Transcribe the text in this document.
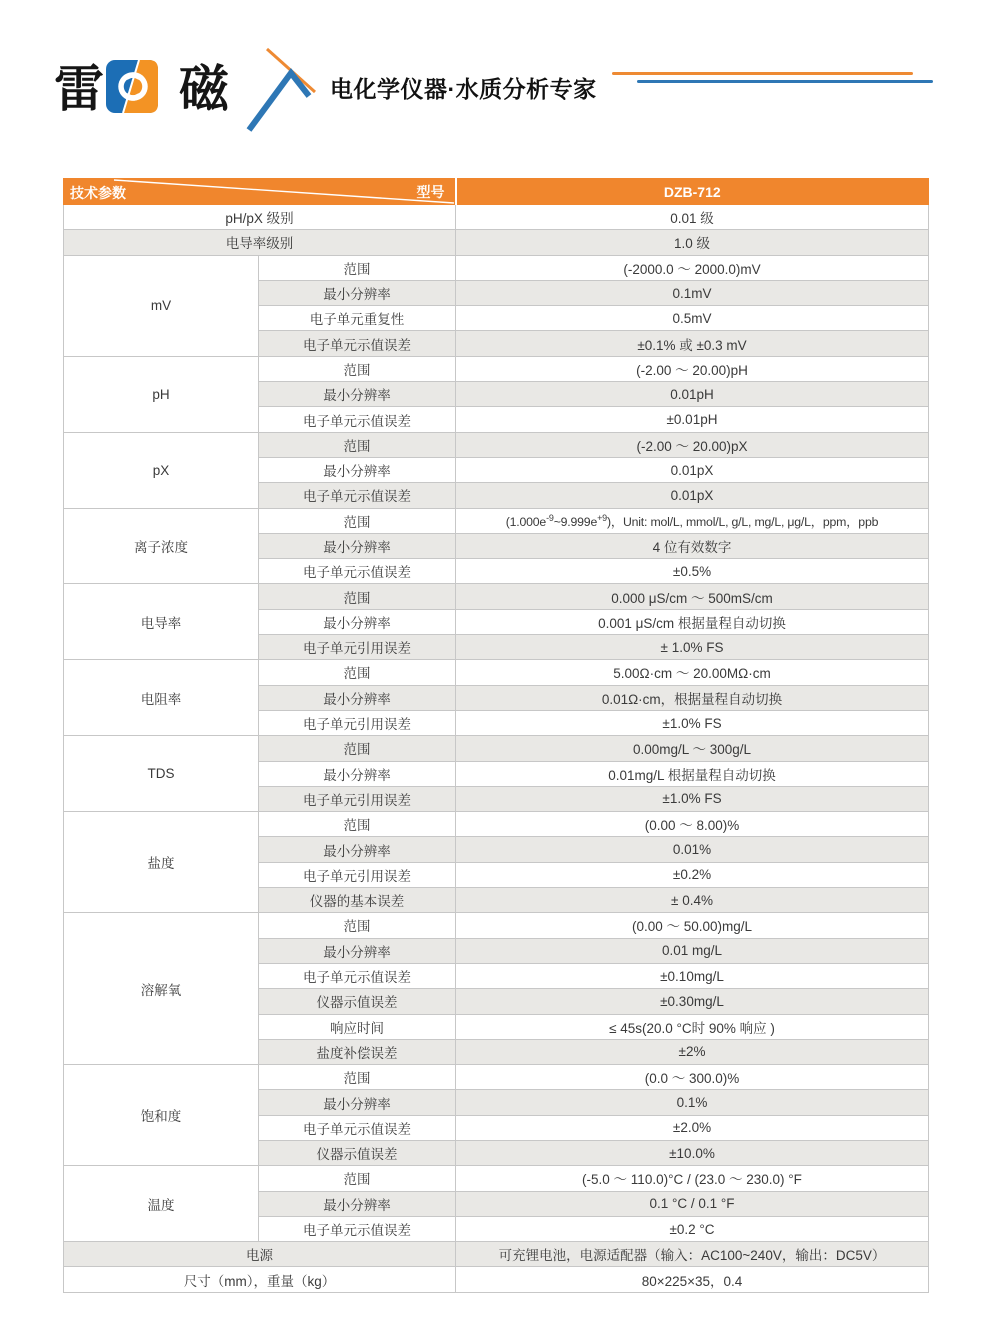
雷 磁	电化学仪器·水质分析专家
技术参数 型号		DZB-712
pH/pX 级别		0.01 级
电导率级别		1.0 级
mV	范围	(-2000.0 ～ 2000.0)mV
	最小分辨率	0.1mV
	电子单元重复性	0.5mV
	电子单元示值误差	±0.1% 或 ±0.3 mV
pH	范围	(-2.00 ～ 20.00)pH
	最小分辨率	0.01pH
	电子单元示值误差	±0.01pH
pX	范围	(-2.00 ～ 20.00)pX
	最小分辨率	0.01pX
	电子单元示值误差	0.01pX
离子浓度	范围	$(1.000e^{-9}\sim 9.999e^{+9})$，Unit: mol/L, mmol/L, g/L, mg/L, μg/L，ppm，ppb
	最小分辨率	4 位有效数字
	电子单元示值误差	±0.5%
电导率	范围	0.000 μS/cm ～ 500mS/cm
	最小分辨率	0.001 μS/cm 根据量程自动切换
	电子单元引用误差	± 1.0% FS
电阻率	范围	5.00Ω·cm ～ 20.00MΩ·cm
	最小分辨率	0.01Ω·cm，根据量程自动切换
	电子单元引用误差	±1.0% FS
TDS	范围	0.00mg/L ～ 300g/L
	最小分辨率	0.01mg/L 根据量程自动切换
	电子单元引用误差	±1.0% FS
盐度	范围	(0.00 ～ 8.00)%
	最小分辨率	0.01%
	电子单元引用误差	±0.2%
	仪器的基本误差	± 0.4%
溶解氧	范围	(0.00 ～ 50.00)mg/L
	最小分辨率	0.01 mg/L
	电子单元示值误差	±0.10mg/L
	仪器示值误差	±0.30mg/L
	响应时间	≤ 45s(20.0 °C时 90% 响应 )
	盐度补偿误差	±2%
饱和度	范围	(0.0 ～ 300.0)%
	最小分辨率	0.1%
	电子单元示值误差	±2.0%
	仪器示值误差	±10.0%
温度	范围	(-5.0 ～ 110.0)°C / (23.0 ～ 230.0) °F
	最小分辨率	0.1 °C / 0.1 °F
	电子单元示值误差	±0.2 °C
电源		可充锂电池，电源适配器（输入：AC100~240V，输出：DC5V）
尺寸（mm），重量（kg）		80×225×35，0.4
